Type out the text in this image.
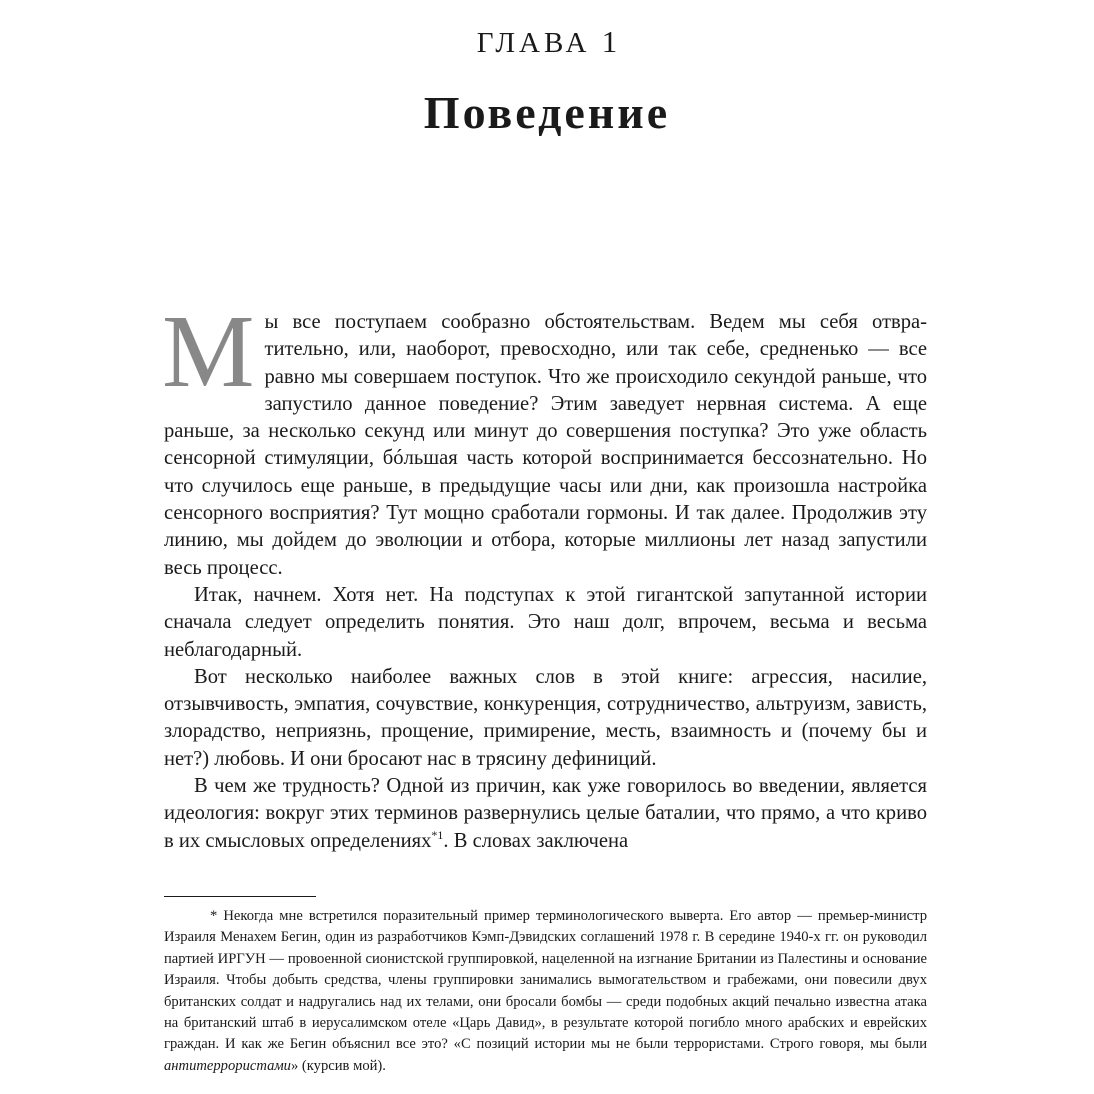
ГЛАВА 1
Поведение

М ы все поступаем сообразно обстоятельствам. Ведем мы себя отвратительно, или, наоборот, превосходно, или так себе, средненько — все равно мы совершаем поступок. Что же происходило секундой раньше, что запустило данное поведение? Этим заведует нервная система. А еще раньше, за несколько секунд или минут до совершения поступка? Это уже область сенсорной стимуляции, бóльшая часть которой воспринимается бессознательно. Но что случилось еще раньше, в предыдущие часы или дни, как произошла настройка сенсорного восприятия? Тут мощно сработали гормоны. И так далее. Продолжив эту линию, мы дойдем до эволюции и отбора, которые миллионы лет назад запустили весь процесс.

Итак, начнем. Хотя нет. На подступах к этой гигантской запутанной истории сначала следует определить понятия. Это наш долг, впрочем, весьма и весьма неблагодарный.

Вот несколько наиболее важных слов в этой книге: агрессия, насилие, отзывчивость, эмпатия, сочувствие, конкуренция, сотрудничество, альтруизм, зависть, злорадство, неприязнь, прощение, примирение, месть, взаимность и (почему бы и нет?) любовь. И они бросают нас в трясину дефиниций.

В чем же трудность? Одной из причин, как уже говорилось во введении, является идеология: вокруг этих терминов развернулись целые баталии, что прямо, а что криво в их смысловых определениях$^{*1}$. В словах заключена

* Некогда мне встретился поразительный пример терминологического выверта. Его автор — премьер-министр Израиля Менахем Бегин, один из разработчиков Кэмп-Дэвидских соглашений 1978 г. В середине 1940-х гг. он руководил партией ИРГУН — провоенной сионистской группировкой, нацеленной на изгнание Британии из Палестины и основание Израиля. Чтобы добыть средства, члены группировки занимались вымогательством и грабежами, они повесили двух британских солдат и надругались над их телами, они бросали бомбы — среди подобных акций печально известна атака на британский штаб в иерусалимском отеле «Царь Давид», в результате которой погибло много арабских и еврейских граждан. И как же Бегин объяснил все это? «С позиций истории мы не были террористами. Строго говоря, мы были антитеррористами» (курсив мой).
